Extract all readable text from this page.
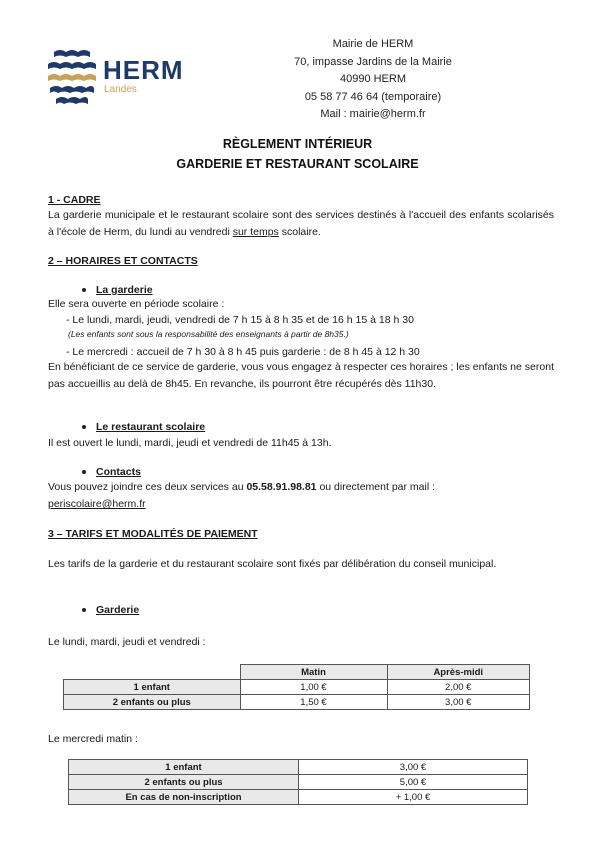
HERM
Landes
Mairie de HERM
70, impasse Jardins de la Mairie
40990 HERM
05 58 77 46 64 (temporaire)
Mail : mairie@herm.fr
RÈGLEMENT INTÉRIEUR
GARDERIE ET RESTAURANT SCOLAIRE
1 - CADRE
La garderie municipale et le restaurant scolaire sont des services destinés à l'accueil des enfants scolarisés à l'école de Herm, du lundi au vendredi sur temps scolaire.
2 – HORAIRES ET CONTACTS
La garderie
Elle sera ouverte en période scolaire :
- Le lundi, mardi, jeudi, vendredi de 7 h 15 à 8 h 35 et de 16 h 15 à 18 h 30
(Les enfants sont sous la responsabilité des enseignants à partir de 8h35.)
- Le mercredi : accueil de 7 h 30 à 8 h 45 puis garderie : de 8 h 45 à 12 h 30
En bénéficiant de ce service de garderie, vous vous engagez à respecter ces horaires ; les enfants ne seront pas accueillis au delà de 8h45. En revanche, ils pourront être récupérés dès 11h30.
Le restaurant scolaire
Il est ouvert le lundi, mardi, jeudi et vendredi de 11h45 à 13h.
Contacts
Vous pouvez joindre ces deux services au 05.58.91.98.81 ou directement par mail :
periscolaire@herm.fr
3 – TARIFS ET MODALITÉS DE PAIEMENT
Les tarifs de la garderie et du restaurant scolaire sont fixés par délibération du conseil municipal.
Garderie
Le lundi, mardi, jeudi et vendredi :
	Matin	Après-midi
1 enfant	1,00 €	2,00 €
2 enfants ou plus	1,50 €	3,00 €
Le mercredi matin :
1 enfant	3,00 €
2 enfants ou plus	5,00 €
En cas de non-inscription	+ 1,00 €
